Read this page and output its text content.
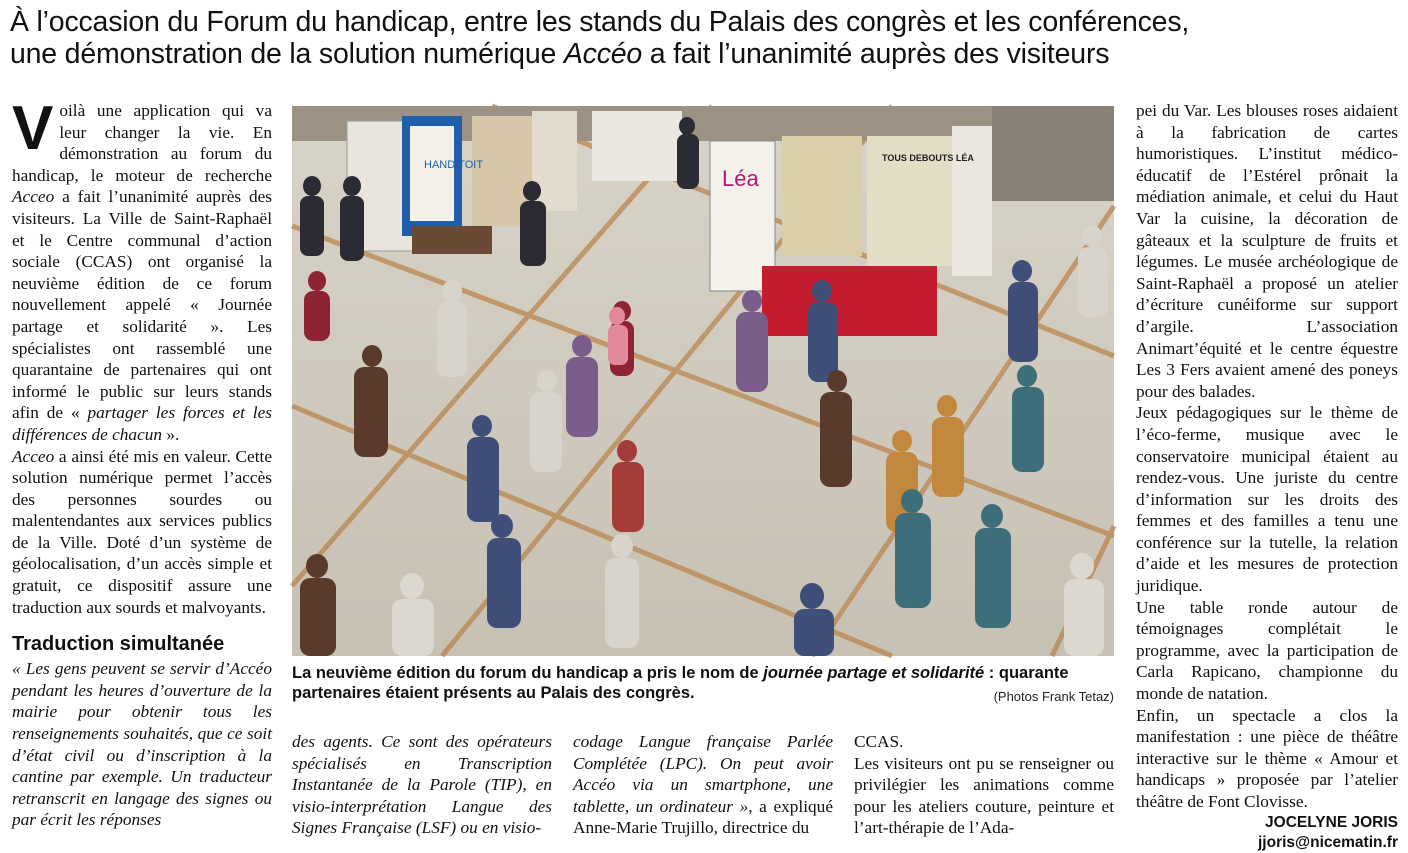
À l’occasion du Forum du handicap, entre les stands du Palais des congrès et les conférences,
une démonstration de la solution numérique Accéo a fait l’unanimité auprès des visiteurs

Voilà une application qui va leur changer la vie. En démonstration au forum du handicap, le moteur de recherche Acceo a fait l’unanimité auprès des visiteurs. La Ville de Saint-Raphaël et le Centre communal d’action sociale (CCAS) ont organisé la neuvième édition de ce forum nouvellement appelé « Journée partage et solidarité ». Les spécialistes ont rassemblé une quarantaine de partenaires qui ont informé le public sur leurs stands afin de « partager les forces et les différences de chacun ».

Acceo a ainsi été mis en valeur. Cette solution numérique permet l’accès des personnes sourdes ou malentendantes aux services publics de la Ville. Doté d’un système de géolocalisation, d’un accès simple et gratuit, ce dispositif assure une traduction aux sourds et malvoyants.

Traduction simultanée

« Les gens peuvent se servir d’Accéo pendant les heures d’ouverture de la mairie pour obtenir tous les renseignements souhaités, que ce soit d’état civil ou d’inscription à la cantine par exemple. Un traducteur retranscrit en langage des signes ou par écrit les réponses

HANDITOIT
Léa
TOUS DEBOUTS LÉA
La neuvième édition du forum du handicap a pris le nom de journée partage et solidarité : quarante partenaires étaient présents au Palais des congrès.	(Photos Frank Tetaz)

des agents. Ce sont des opérateurs spécialisés en Transcription Instantanée de la Parole (TIP), en visio-interprétation Langue des Signes Française (LSF) ou en visio-

codage Langue française Parlée Complétée (LPC). On peut avoir Accéo via un smartphone, une tablette, un ordinateur », a expliqué Anne-Marie Trujillo, directrice du

CCAS.

Les visiteurs ont pu se renseigner ou privilégier les animations comme pour les ateliers couture, peinture et l’art-thérapie de l’Ada-

pei du Var. Les blouses roses aidaient à la fabrication de cartes humoristiques. L’institut médico-éducatif de l’Estérel prônait la médiation animale, et celui du Haut Var la cuisine, la décoration de gâteaux et la sculpture de fruits et légumes. Le musée archéologique de Saint-Raphaël a proposé un atelier d’écriture cunéiforme sur support d’argile. L’association Animart’équité et le centre équestre Les 3 Fers avaient amené des poneys pour des balades.

Jeux pédagogiques sur le thème de l’éco-ferme, musique avec le conservatoire municipal étaient au rendez-vous. Une juriste du centre d’information sur les droits des femmes et des familles a tenu une conférence sur la tutelle, la relation d’aide et les mesures de protection juridique.

Une table ronde autour de témoignages complétait le programme, avec la participation de Carla Rapicano, championne du monde de natation.

Enfin, un spectacle a clos la manifestation : une pièce de théâtre interactive sur le thème « Amour et handicaps » proposée par l’atelier théâtre de Font Clovisse.

JOCELYNE JORIS
jjoris@nicematin.fr
